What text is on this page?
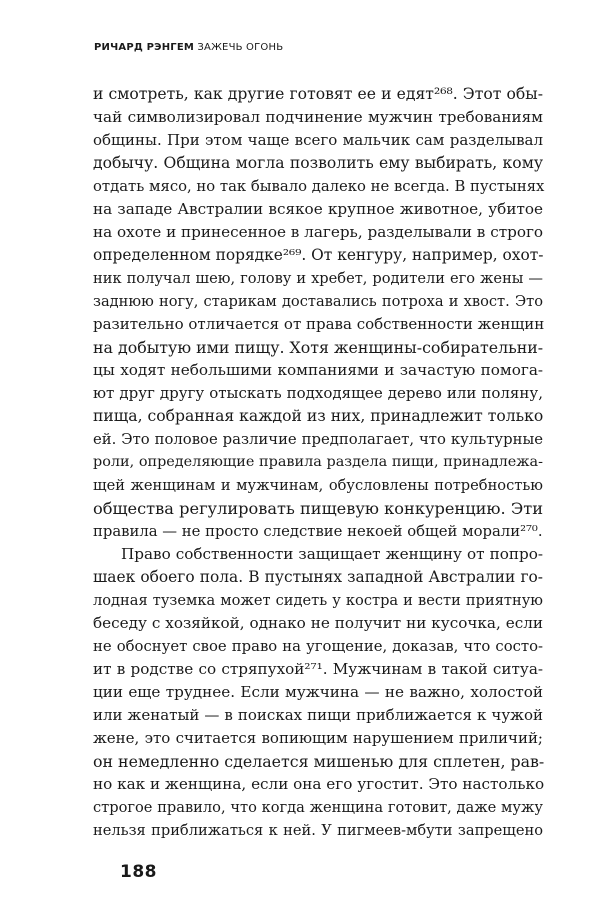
РИЧАРД РЭНГЕМ ЗАЖЕЧЬ ОГОНЬ
и смотреть, как другие готовят ее и едят²⁶⁸. Этот обы-
чай символизировал подчинение мужчин требованиям
общины. При этом чаще всего мальчик сам разделывал
добычу. Община могла позволить ему выбирать, кому
отдать мясо, но так бывало далеко не всегда. В пустынях
на западе Австралии всякое крупное животное, убитое
на охоте и принесенное в лагерь, разделывали в строго
определенном порядке²⁶⁹. От кенгуру, например, охот-
ник получал шею, голову и хребет, родители его жены —
заднюю ногу, старикам доставались потроха и хвост. Это
разительно отличается от права собственности женщин
на добытую ими пищу. Хотя женщины-собирательни-
цы ходят небольшими компаниями и зачастую помога-
ют друг другу отыскать подходящее дерево или поляну,
пища, собранная каждой из них, принадлежит только
ей. Это половое различие предполагает, что культурные
роли, определяющие правила раздела пищи, принадлежа-
щей женщинам и мужчинам, обусловлены потребностью
общества регулировать пищевую конкуренцию. Эти
правила — не просто следствие некоей общей морали²⁷⁰.
Право собственности защищает женщину от попро-
шаек обоего пола. В пустынях западной Австралии го-
лодная туземка может сидеть у костра и вести приятную
беседу с хозяйкой, однако не получит ни кусочка, если
не обоснует свое право на угощение, доказав, что состо-
ит в родстве со стряпухой²⁷¹. Мужчинам в такой ситуа-
ции еще труднее. Если мужчина — не важно, холостой
или женатый — в поисках пищи приближается к чужой
жене, это считается вопиющим нарушением приличий;
он немедленно сделается мишенью для сплетен, рав-
но как и женщина, если она его угостит. Это настолько
строгое правило, что когда женщина готовит, даже мужу
нельзя приближаться к ней. У пигмеев-мбути запрещено
188
